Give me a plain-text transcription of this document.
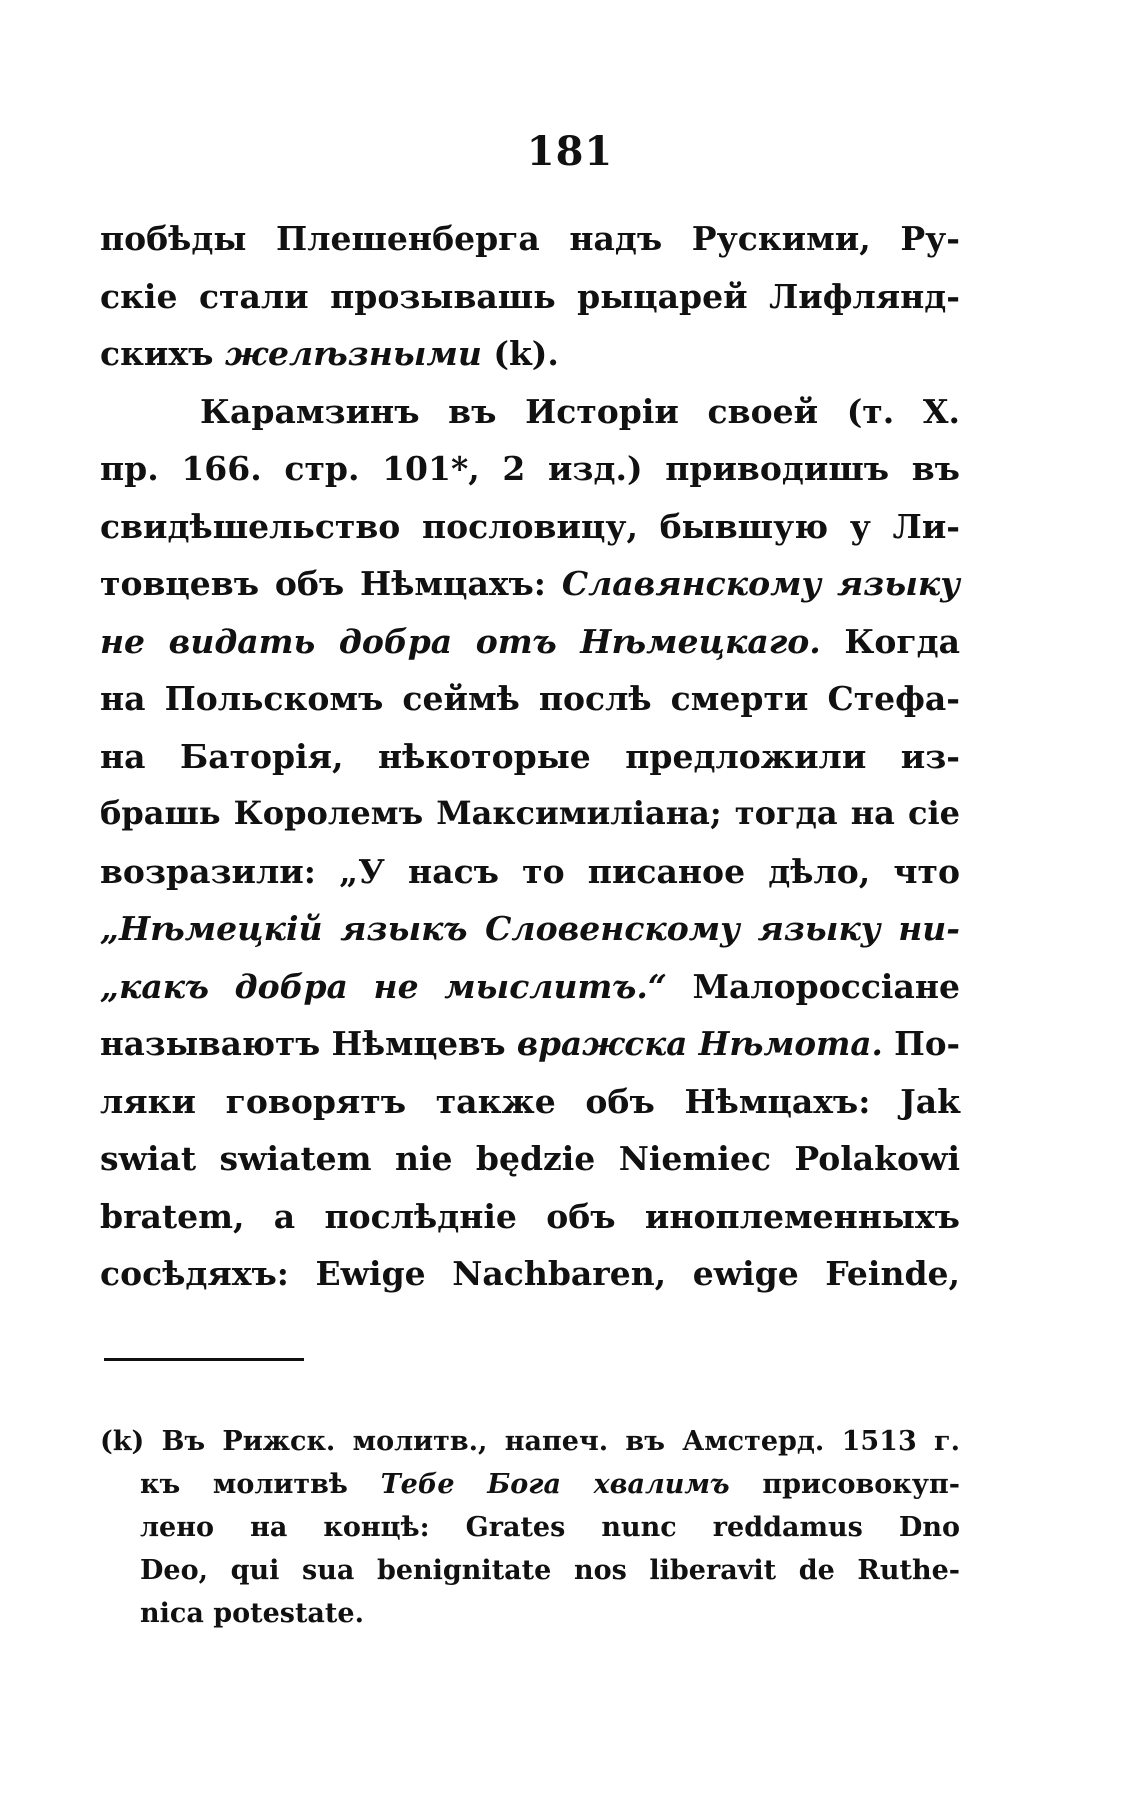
181
побѣды Плешенберга надъ Рускими, Ру-
скіе стали прозывашь рыцарей Лифлянд-
скихъ желѣзными (k).
Карамзинъ въ Исторіи своей (т. X.
пр. 166. стр. 101*, 2 изд.) приводишъ въ
свидѣшельство пословицу, бывшую у Ли-
товцевъ объ Нѣмцахъ: Славянскому языку
не видать добра отъ Нѣмецкаго. Когда
на Польскомъ сеймѣ послѣ смерти Стефа-
на Баторія, нѣкоторые предложили из-
брашь Королемъ Максимиліана; тогда на сіе
возразили: „У насъ то писаное дѣло, что
„Нѣмецкій языкъ Словенскому языку ни-
„какъ добра не мыслитъ.“ Малороссіане
называютъ Нѣмцевъ вражска Нѣмота. По-
ляки говорятъ также объ Нѣмцахъ: Jak
swiat swiatem nie będzie Niemiec Polakowi
bratem, а послѣдніе объ иноплеменныхъ
сосѣдяхъ: Ewige Nachbaren, ewige Feinde,
(k) Въ Рижск. молитв., напеч. въ Амстерд. 1513 г.
къ молитвѣ Тебе Бога хвалимъ присовокуп-
лено на концѣ: Grates nunc reddamus Dno
Deo, qui sua benignitate nos liberavit de Ruthe-
nica potestate.
